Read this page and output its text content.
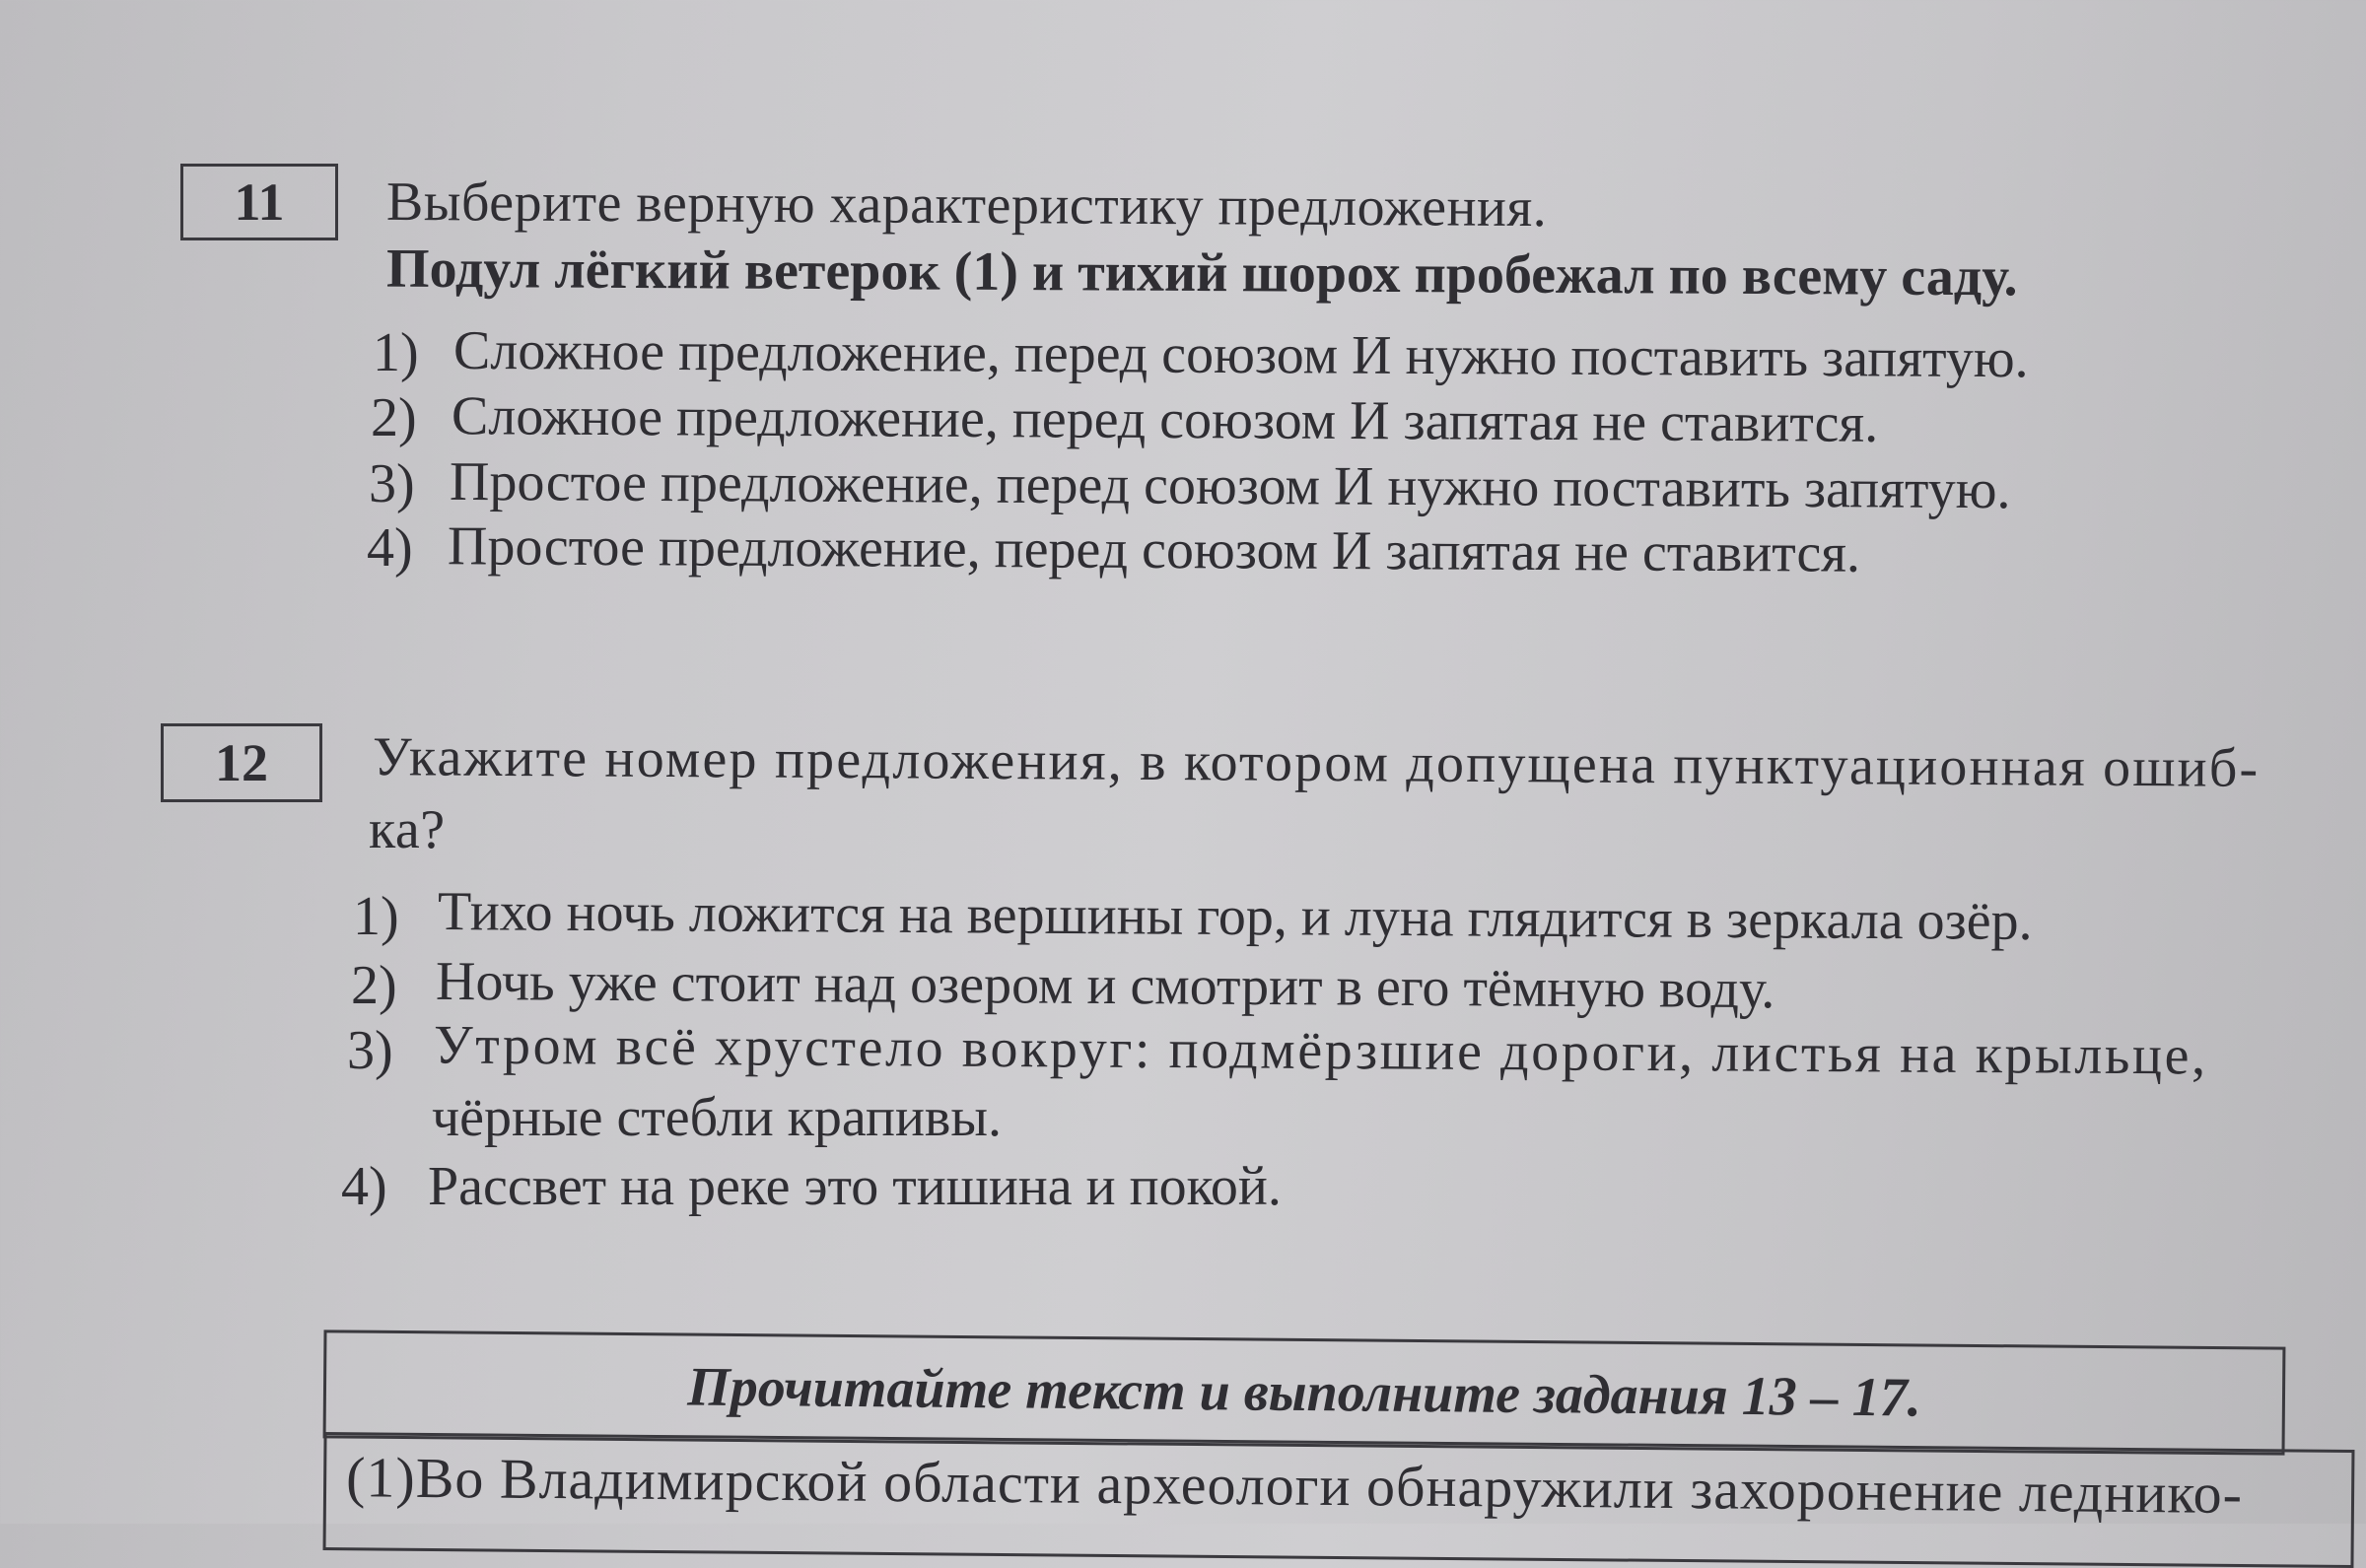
11	Выберите верную характеристику предложения.
Подул лёгкий ветерок (1) и тихий шорох пробежал по всему саду.
1) Сложное предложение, перед союзом И нужно поставить запятую.
2) Сложное предложение, перед союзом И запятая не ставится.
3) Простое предложение, перед союзом И нужно поставить запятую.
4) Простое предложение, перед союзом И запятая не ставится.
12	Укажите номер предложения, в котором допущена пунктуационная ошиб-
ка?
1) Тихо ночь ложится на вершины гор, и луна глядится в зеркала озёр.
2) Ночь уже стоит над озером и смотрит в его тёмную воду.
3) Утром всё хрустело вокруг: подмёрзшие дороги, листья на крыльце,
чёрные стебли крапивы.
4) Рассвет на реке это тишина и покой.
Прочитайте текст и выполните задания 13 – 17.
(1)Во Владимирской области археологи обнаружили захоронение леднико-
